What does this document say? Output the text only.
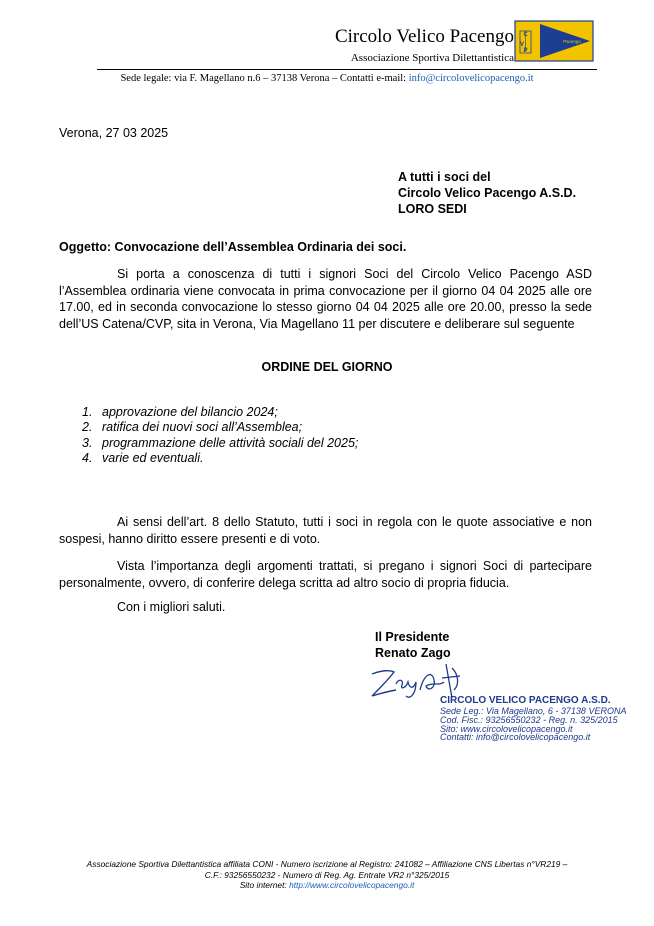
Circolo Velico Pacengo
Associazione Sportiva Dilettantistica
C
V
P
Pacengo
Sede legale: via F. Magellano n.6 – 37138 Verona – Contatti e-mail: info@circolovelicopacengo.it
Verona, 27 03 2025
A tutti i soci del
Circolo Velico Pacengo A.S.D.
LORO SEDI
Oggetto: Convocazione dell’Assemblea Ordinaria dei soci.
Si porta a conoscenza di tutti i signori Soci del Circolo Velico Pacengo ASD l’Assemblea ordinaria viene convocata in prima convocazione per il giorno 04 04 2025 alle ore 17.00, ed in seconda convocazione lo stesso giorno 04 04 2025 alle ore 20.00, presso la sede dell’US Catena/CVP, sita in Verona, Via Magellano 11 per discutere e deliberare sul seguente
ORDINE DEL GIORNO
1. approvazione del bilancio 2024;
2. ratifica dei nuovi soci all’Assemblea;
3. programmazione delle attività sociali del 2025;
4. varie ed eventuali.
Ai sensi dell’art. 8 dello Statuto, tutti i soci in regola con le quote associative e non sospesi, hanno diritto essere presenti e di voto.
Vista l’importanza degli argomenti trattati, si pregano i signori Soci di partecipare personalmente, ovvero, di conferire delega scritta ad altro socio di propria fiducia.
Con i migliori saluti.
Il Presidente
Renato Zago
CIRCOLO VELICO PACENGO A.S.D.
Sede Leg.: Via Magellano, 6 - 37138 VERONA
Cod. Fisc.: 93256550232 - Reg. n. 325/2015
Sito: www.circolovelicopacengo.it
Contatti: info@circolovelicopacengo.it
Associazione Sportiva Dilettantistica affiliata CONI - Numero iscrizione al Registro: 241082 – Affiliazione CNS Libertas n°VR219 –
C.F.: 93256550232 - Numero di Reg. Ag. Entrate VR2 n°325/2015
Sito internet: http://www.circolovelicopacengo.it
